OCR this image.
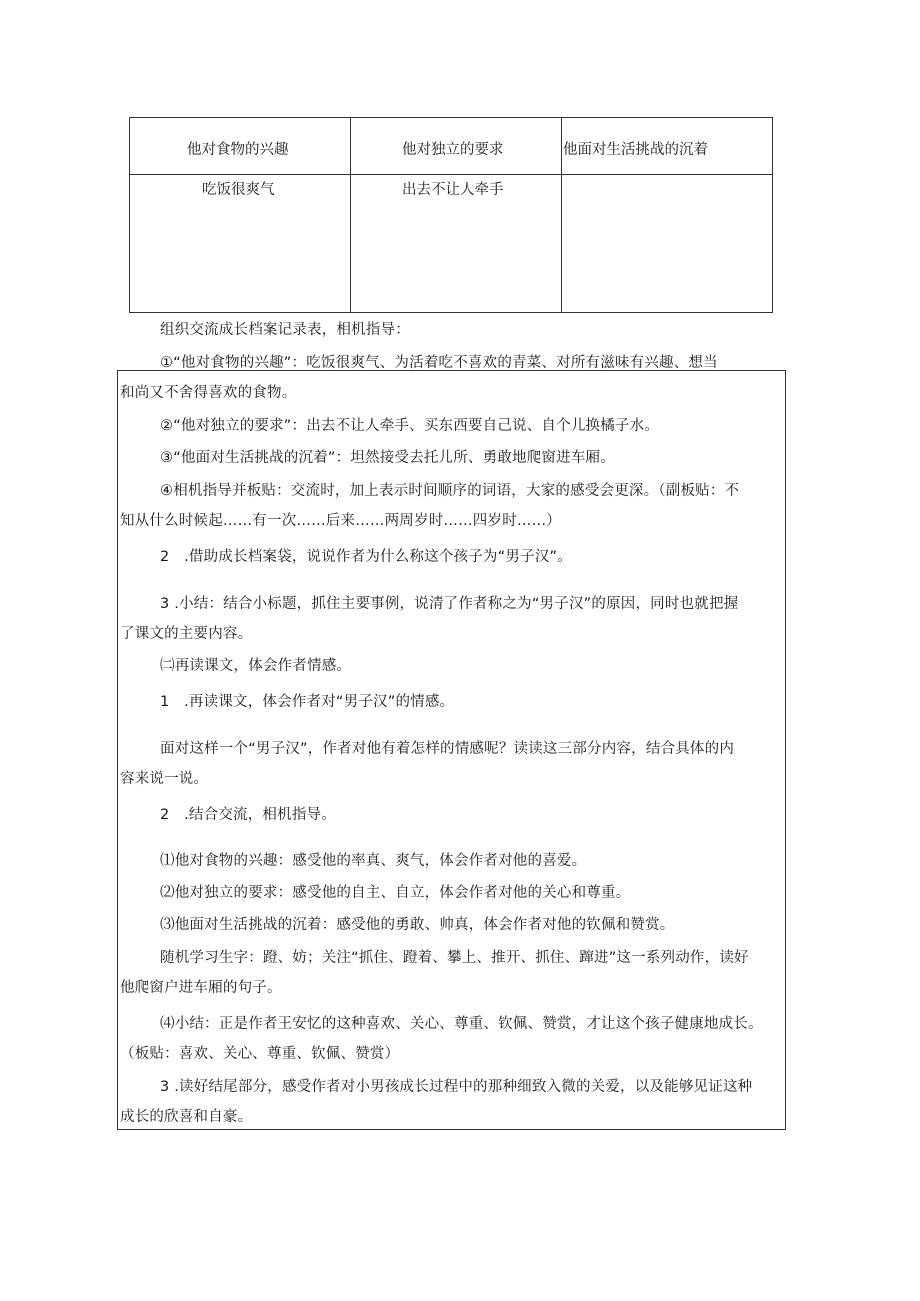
他对食物的兴趣	他对独立的要求	他面对生活挑战的沉着
吃饭很爽气	出去不让人牵手
组织交流成长档案记录表，相机指导：
①“他对食物的兴趣”：吃饭很爽气、为活着吃不喜欢的青菜、对所有滋味有兴趣、想当
和尚又不舍得喜欢的食物。
②“他对独立的要求”：出去不让人牵手、买东西要自己说、自个儿换橘子水。
③“他面对生活挑战的沉着”：坦然接受去托儿所、勇敢地爬窗进车厢。
④相机指导并板贴：交流时，加上表示时间顺序的词语，大家的感受会更深。（副板贴：不
知从什么时候起……有一次……后来……两周岁时……四岁时……）
2　.借助成长档案袋，说说作者为什么称这个孩子为“男子汉”。
3 .小结：结合小标题，抓住主要事例，说清了作者称之为“男子汉”的原因，同时也就把握
了课文的主要内容。
㈡再读课文，体会作者情感。
1　.再读课文，体会作者对“男子汉”的情感。
面对这样一个“男子汉”，作者对他有着怎样的情感呢？读读这三部分内容，结合具体的内
容来说一说。
2　.结合交流，相机指导。
⑴他对食物的兴趣：感受他的率真、爽气，体会作者对他的喜爱。
⑵他对独立的要求：感受他的自主、自立，体会作者对他的关心和尊重。
⑶他面对生活挑战的沉着：感受他的勇敢、帅真，体会作者对他的钦佩和赞赏。
随机学习生字：蹬、妨；关注“抓住、蹬着、攀上、推开、抓住、蹿进”这一系列动作，读好
他爬窗户进车厢的句子。
⑷小结：正是作者王安忆的这种喜欢、关心、尊重、钦佩、赞赏，才让这个孩子健康地成长。
（板贴：喜欢、关心、尊重、钦佩、赞赏）
3 .读好结尾部分，感受作者对小男孩成长过程中的那种细致入微的关爱，以及能够见证这种
成长的欣喜和自豪。
